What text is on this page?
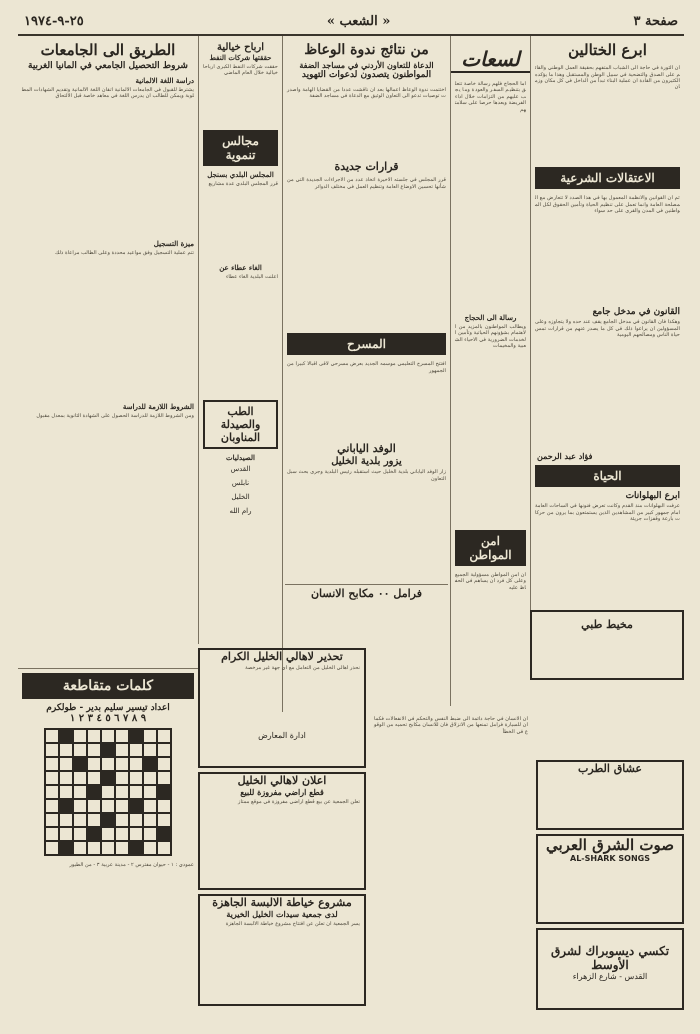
صفحة ٣
« الشعب »
٢٥-٩-١٩٧٤
ابرع الختالين
ان الثورة في حاجة الى الشباب المتفهم بحقيقة العمل الوطني والقائم على الصدق والتضحية في سبيل الوطن والمستقبل وهذا ما يؤكده الكثيرون من القادة ان عملية البناء تبدأ من الداخل في كل مكان وزمان
الاعتقالات الشرعية
ثم ان القوانين والانظمة المعمول بها في هذا الصدد لا تتعارض مع المصلحة العامة وانما تعمل على تنظيم الحياة وتأمين الحقوق لكل المواطنين في المدن والقرى على حد سواء
القانون في مدخل جامع
وهكذا فان القانون في مدخل الجامع يقف عند حده ولا يتجاوزه وعلى المسؤولين ان يراعوا ذلك في كل ما يصدر عنهم من قرارات تمس حياة الناس ومصالحهم اليومية
فؤاد عبد الرحمن
الحياة
ابرع البهلوانات
عرفت البهلوانات منذ القدم وكانت تعرض فنونها في الساحات العامة امام جمهور كبير من المشاهدين الذين يستمتعون بما يرون من حركات بارعة وقفزات جريئة
لسعات
اما الحجاج فلهم رسالة خاصة تتعلق بتنظيم السفر والعودة وما يجب عليهم من التزامات خلال اداء الفريضة وبعدها حرصا على سلامتهم
رسالة الى الحجاج
ويطالب المواطنون بالمزيد من الاهتمام بشؤونهم الحياتية وتأمين الخدمات الضرورية في الاحياء الشعبية والمخيمات
امن المواطن
ان امن المواطن مسؤولية الجميع وعلى كل فرد ان يساهم في الحفاظ عليه
من نتائج ندوة الوعاظ
الدعاة للتعاون الأردني في مساجد الضفة
المواطنون يتصدون لدعوات التهويد
اختتمت ندوة الوعاظ اعمالها بعد ان ناقشت عددا من القضايا الهامة واصدرت توصيات تدعو الى التعاون الوثيق مع الدعاة في مساجد الضفة
قرارات جديدة
قرر المجلس في جلسته الاخيرة اتخاذ عدد من الاجراءات الجديدة التي من شأنها تحسين الاوضاع العامة وتنظيم العمل في مختلف الدوائر
المسرح
افتتح المسرح التعليمي موسمه الجديد بعرض مسرحي لاقى اقبالا كبيرا من الجمهور
الوفد الياباني
يزور بلدية الخليل
زار الوفد الياباني بلدية الخليل حيث استقبله رئيس البلدية وجرى بحث سبل التعاون
فرامل ٠٠ مكابح الانسان
ارباح خيالية
حققتها شركات النفط
حققت شركات النفط الكبرى ارباحا خيالية خلال العام الماضي
مجالس تنموية
المجلس البلدي بسنجل
قرر المجلس البلدي عدة مشاريع
الغاء عطاء عن
اعلنت البلدية الغاء عطاء
الطب والصيدلة المناوبان
الصيدليات
القدس
نابلس
الخليل
رام الله
الطريق الى الجامعات
شروط التحصيل الجامعي في المانيا الغربية
دراسة اللغة الالمانية
يشترط للقبول في الجامعات الالمانية اتقان اللغة الالمانية وتقديم الشهادات المطلوبة ويمكن للطالب ان يدرس اللغة في معاهد خاصة قبل الالتحاق
ميزة التسجيل
تتم عملية التسجيل وفق مواعيد محددة وعلى الطالب مراعاة ذلك
الشروط اللازمة للدراسة
ومن الشروط اللازمة للدراسة الحصول على الشهادة الثانوية بمعدل مقبول
كلمات متقاطعة
اعداد تيسير سليم بدير - طولكرم
٩ ٨ ٧ ٦ ٥ ٤ ٣ ٢ ١
عمودي : ١ - حيوان مفترس ٢ - مدينة عربية ٣ - من الطيور
تحذير لاهالي الخليل الكرام
نحذر اهالي الخليل من التعامل مع اي جهة غير مرخصة
ادارة المعارض
اعلان لاهالي الخليل
قطع اراضي مفروزة للبيع
تعلن الجمعية عن بيع قطع اراضي مفروزة في موقع ممتاز
مشروع خياطة الالبسة الجاهزة
لدى جمعية سيدات الخليل الخيرية
يسر الجمعية ان تعلن عن افتتاح مشروع خياطة الالبسة الجاهزة
مخيط طبي
عشاق الطرب
صوت الشرق العربي
AL-SHARK SONGS
تكسي ديسوبراك لشرق الأوسط
القدس - شارع الزهراء
ان الانسان في حاجة دائمة الى ضبط النفس والتحكم في الانفعالات فكما ان للسيارة فرامل تمنعها من الانزلاق فان للانسان مكابح تحميه من الوقوع في الخطأ
